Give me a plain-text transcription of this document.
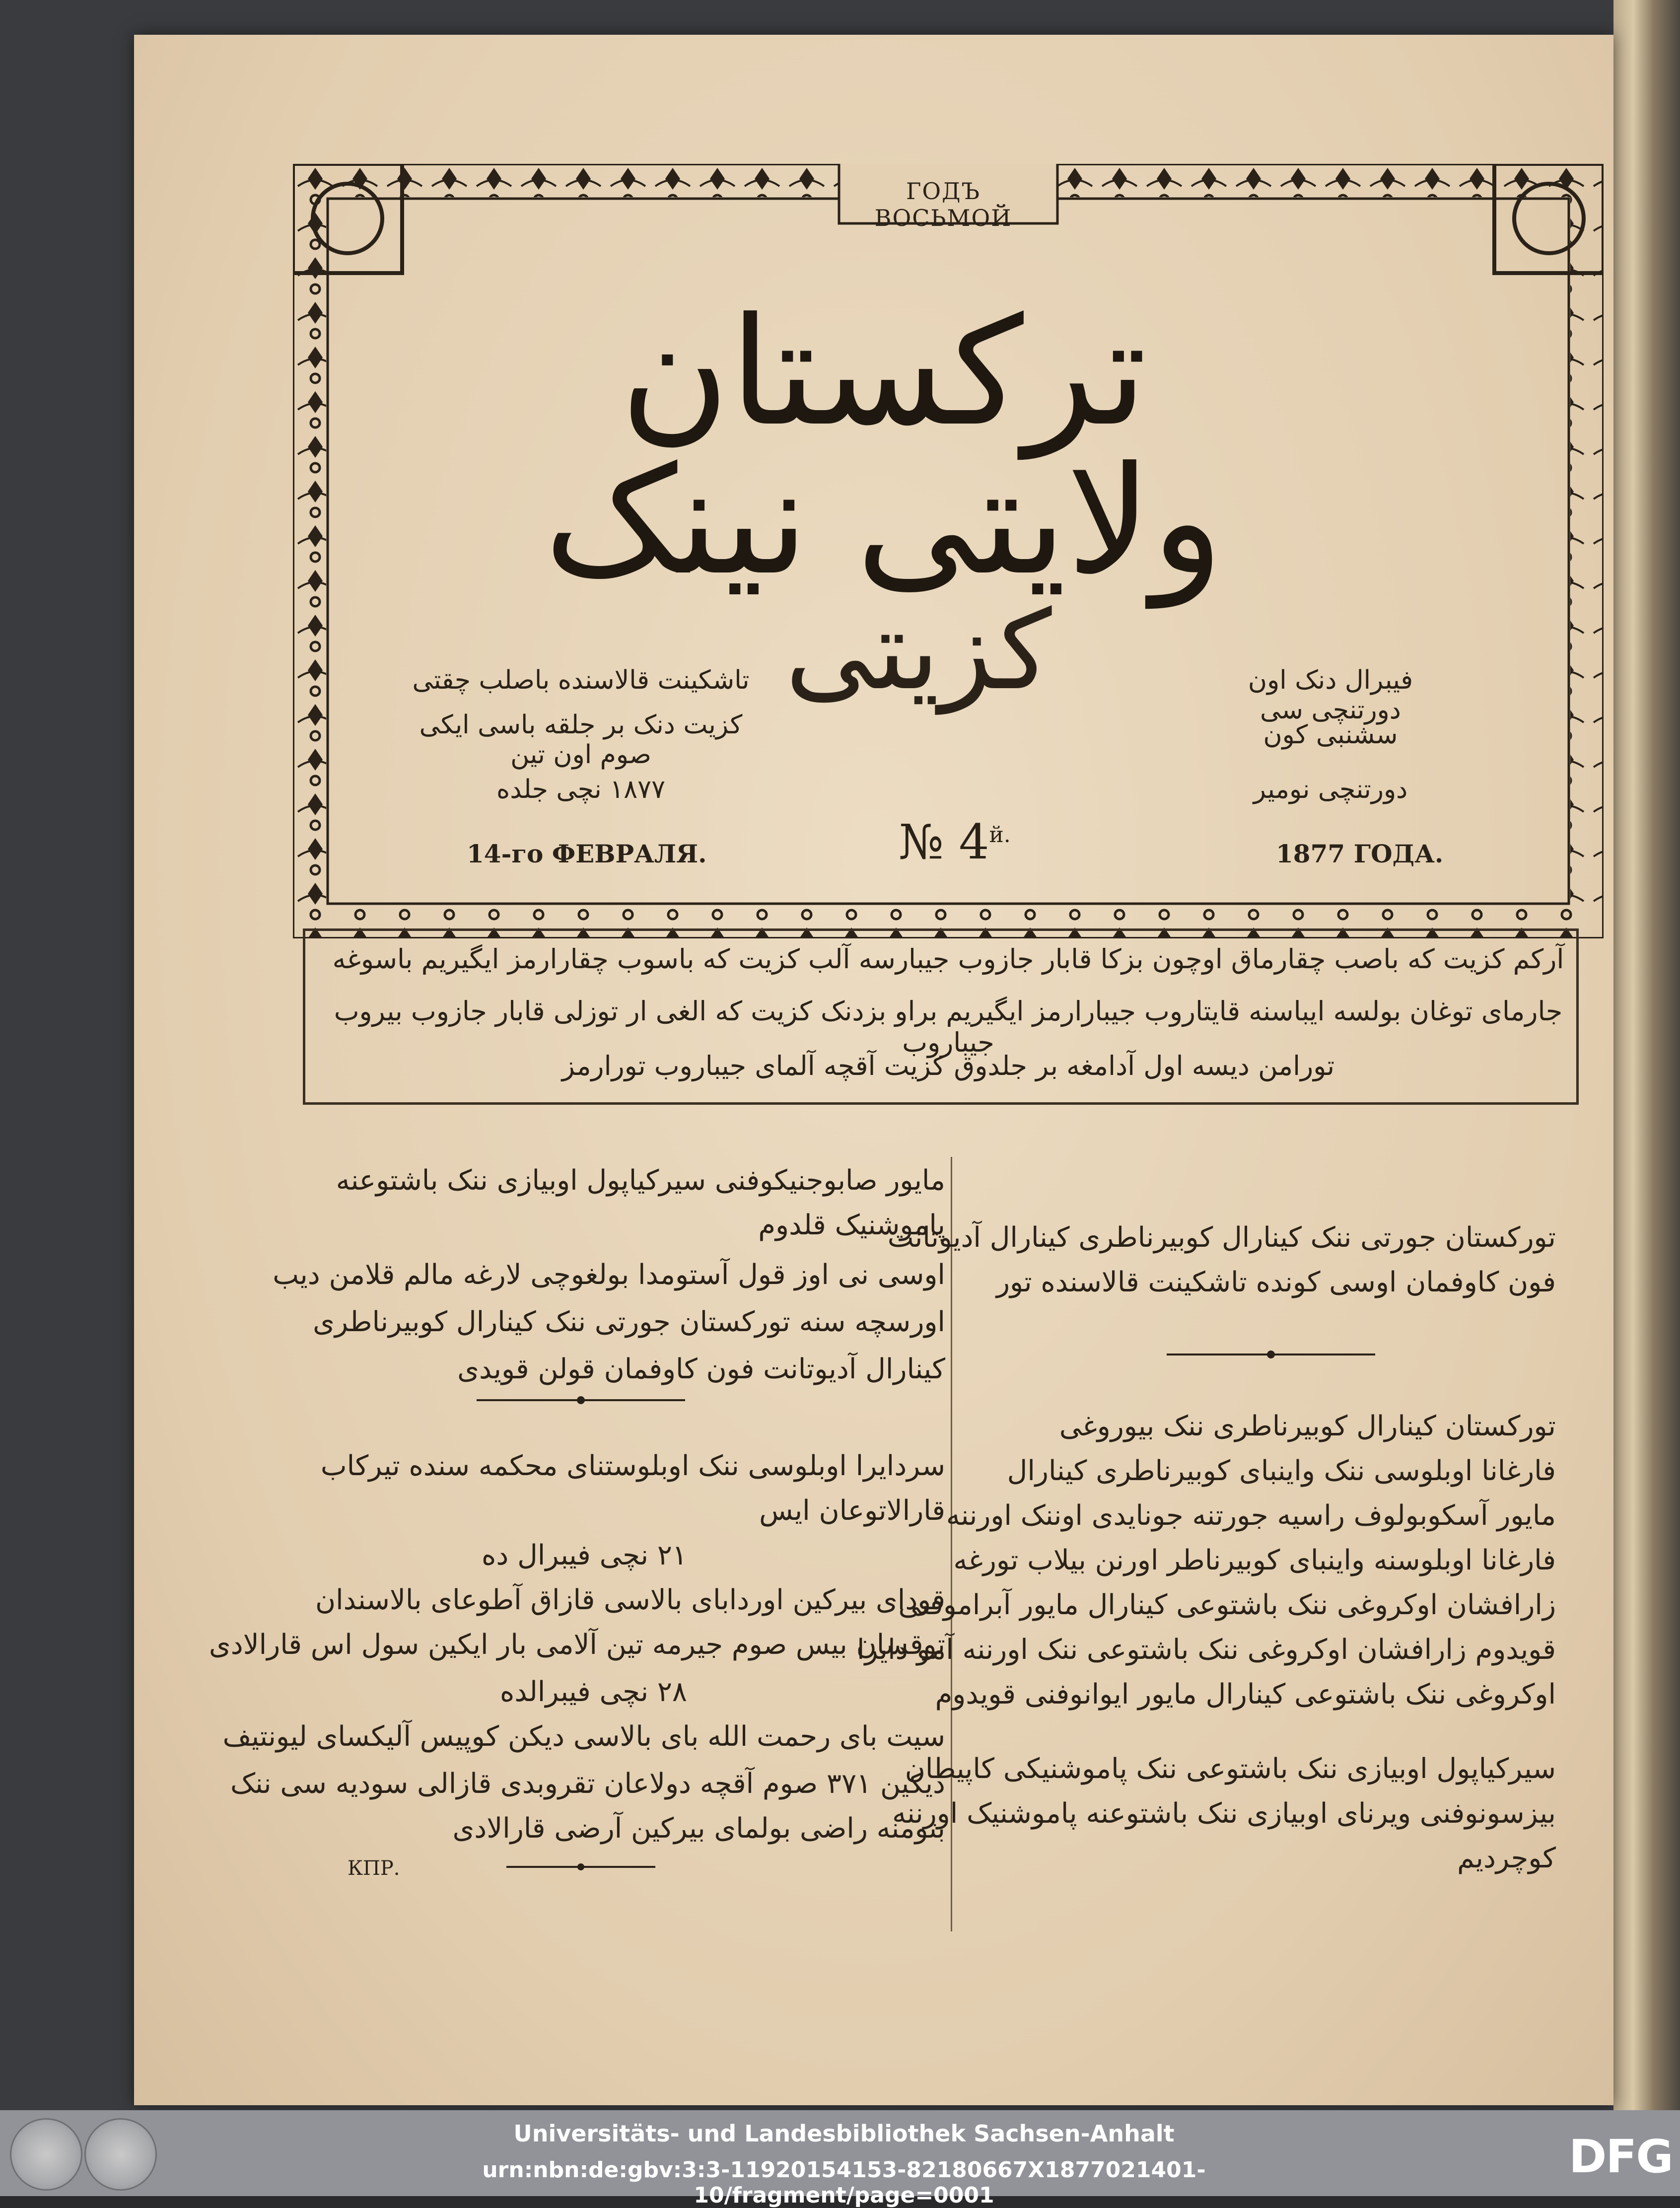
ГОДЪ ВОСЬМОЙ
ترکستان ولایتی نینک
کزیتی
تاشکینت قالاسنده باصلب چقتی
کزیت دنک بر جلقه باسی ایکی صوم اون تین
۱۸۷۷ نچی جلده
فیبرال دنک اون دورتنچی سی
سشنبی کون
دورتنچی نومیر
14-го ФЕВРАЛЯ.	1877 ГОДА.
№ $4^{й.}$
آرکم کزیت که باصب چقارماق اوچون بزکا قابار جازوب جیبارسه آلب کزیت که باسوب چقارارمز ایگیریم باسوغه
جارمای توغان بولسه ایباسنه قایتاروب جیبارارمز ایگیریم براو بزدنک کزیت که الغی ار توزلی قابار جازوب بیروب جیباروب
تورامن دیسه اول آدامغه بر جلدوق کزیت آقچه آلمای جیباروب تورارمز
تورکستان جورتی ننک کینارال کوبیرناطری کینارال آدیوتانت
فون کاوفمان اوسی کونده تاشکینت قالاسنده تور
تورکستان کینارال کوبیرناطری ننک بیوروغی
فارغانا اوبلوسی ننک واینبای کوبیرناطری کینارال
مایور آسکوبولوف راسیه جورتنه جونایدی اوننک اورننه
فارغانا اوبلوسنه واینبای کوبیرناطر اورنن بیلاب تورغه
زارافشان اوکروغی ننک باشتوعی کینارال مایور آبراموفنی
قویدوم زارافشان اوکروغی ننک باشتوعی ننک اورننه آمو دایرا
اوکروغی ننک باشتوعی کینارال مایور ایوانوفنی قویدوم
سیرکیاپول اوبیازی ننک باشتوعی ننک پاموشنیکی کاپیطان
بیزسونوفنی ویرنای اوبیازی ننک باشتوعنه پاموشنیک اورننه
کوچردیم
مایور صابوجنیکوفنی سیرکیاپول اوبیازی ننک باشتوعنه
پاموشنیک قلدوم
اوسی نی اوز قول آستومدا بولغوچی لارغه مالم قلامن دیب
اورسچه سنه تورکستان جورتی ننک کینارال کوبیرناطری
کینارال آدیوتانت فون کاوفمان قولن قویدی
سردایرا اوبلوسی ننک اوبلوستنای محکمه سنده تیرکاب
قارالاتوعان ایس
۲۱ نچی فیبرال ده
قودای بیرکین اوردابای بالاسی قازاق آطوعای بالاسندان
توقسان بیس صوم جیرمه تین آلامی بار ایکین سول اس قارالادی
۲۸ نچی فیبرالده
سیت بای رحمت الله بای بالاسی دیکن کوپیس آلیکسای لیونتیف
دیکین ۳۷۱ صوم آقچه دولاعان تقروبدی قازالی سودیه سی ننک
بتومنه راضی بولمای بیرکین آرضی قارالادی
КПР.
Universitäts- und Landesbibliothek Sachsen-Anhalt
urn:nbn:de:gbv:3:3-11920154153-82180667X1877021401-10/fragment/page=0001
DFG
